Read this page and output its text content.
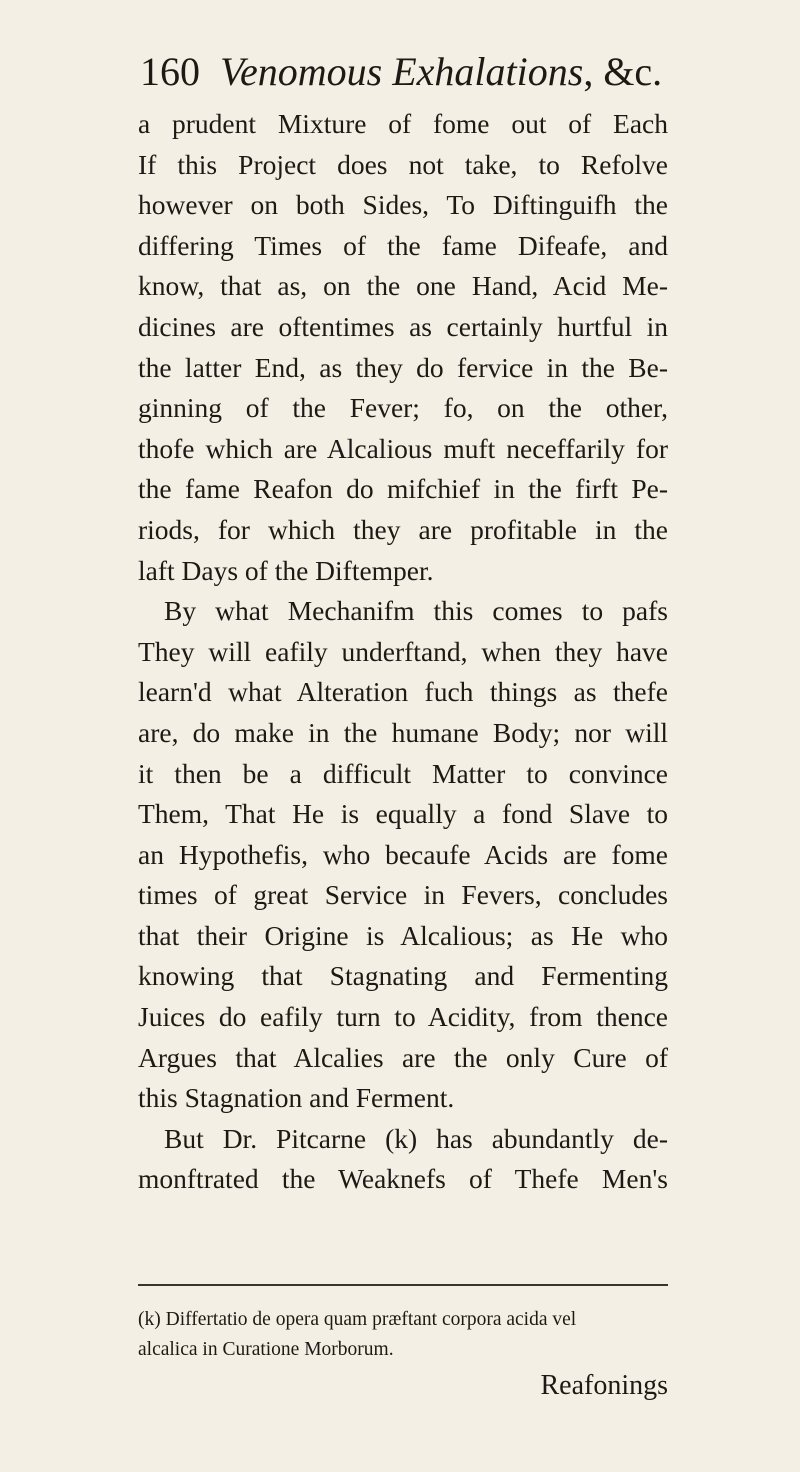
160 Venomous Exhalations, &c.
a prudent Mixture of fome out of Each
If this Project does not take, to Refolve
however on both Sides, To Diftinguifh the
differing Times of the fame Difeafe, and
know, that as, on the one Hand, Acid Me-
dicines are oftentimes as certainly hurtful in
the latter End, as they do fervice in the Be-
ginning of the Fever; fo, on the other,
thofe which are Alcalious muft neceffarily for
the fame Reafon do mifchief in the firft Pe-
riods, for which they are profitable in the
laft Days of the Diftemper.
By what Mechanifm this comes to pafs
They will eafily underftand, when they have
learn'd what Alteration fuch things as thefe
are, do make in the humane Body; nor will
it then be a difficult Matter to convince
Them, That He is equally a fond Slave to
an Hypothefis, who becaufe Acids are fome
times of great Service in Fevers, concludes
that their Origine is Alcalious; as He who
knowing that Stagnating and Fermenting
Juices do eafily turn to Acidity, from thence
Argues that Alcalies are the only Cure of
this Stagnation and Ferment.
But Dr. Pitcarne (k) has abundantly de-
monftrated the Weaknefs of Thefe Men's
(k) Differtatio de opera quam præftant corpora acida vel
alcalica in Curatione Morborum.
Reafonings
